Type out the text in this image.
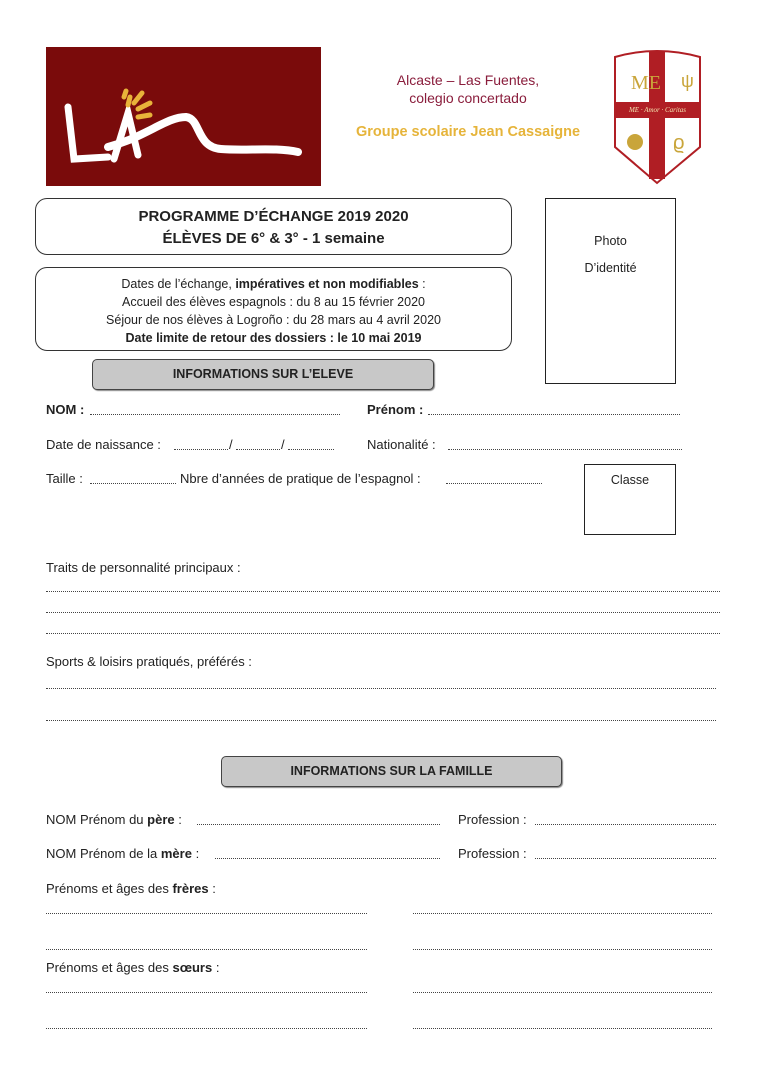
Alcaste – Las Fuentes,
colegio concertado
Groupe scolaire Jean Cassaigne
ME ψ
ϱ
ME · Amor · Caritas
PROGRAMME D’ÉCHANGE 2019 2020
ÉLÈVES DE 6° & 3° - 1 semaine
Dates de l’échange, impératives et non modifiables :
Accueil des élèves espagnols : du 8 au 15 février 2020
Séjour de nos élèves à Logroño : du 28 mars au 4 avril 2020
Date limite de retour des dossiers : le 10 mai 2019
Photo
D’identité
INFORMATIONS SUR L’ELEVE
NOM :	Prénom :
Date de naissance :	/	/	Nationalité :
Taille :	Nbre d’années de pratique de l’espagnol :	Classe
Traits de personnalité principaux :
Sports & loisirs pratiqués, préférés :
INFORMATIONS SUR LA FAMILLE
NOM Prénom du père :	Profession :
NOM Prénom de la mère :	Profession :
Prénoms et âges des frères :
Prénoms et âges des sœurs :
